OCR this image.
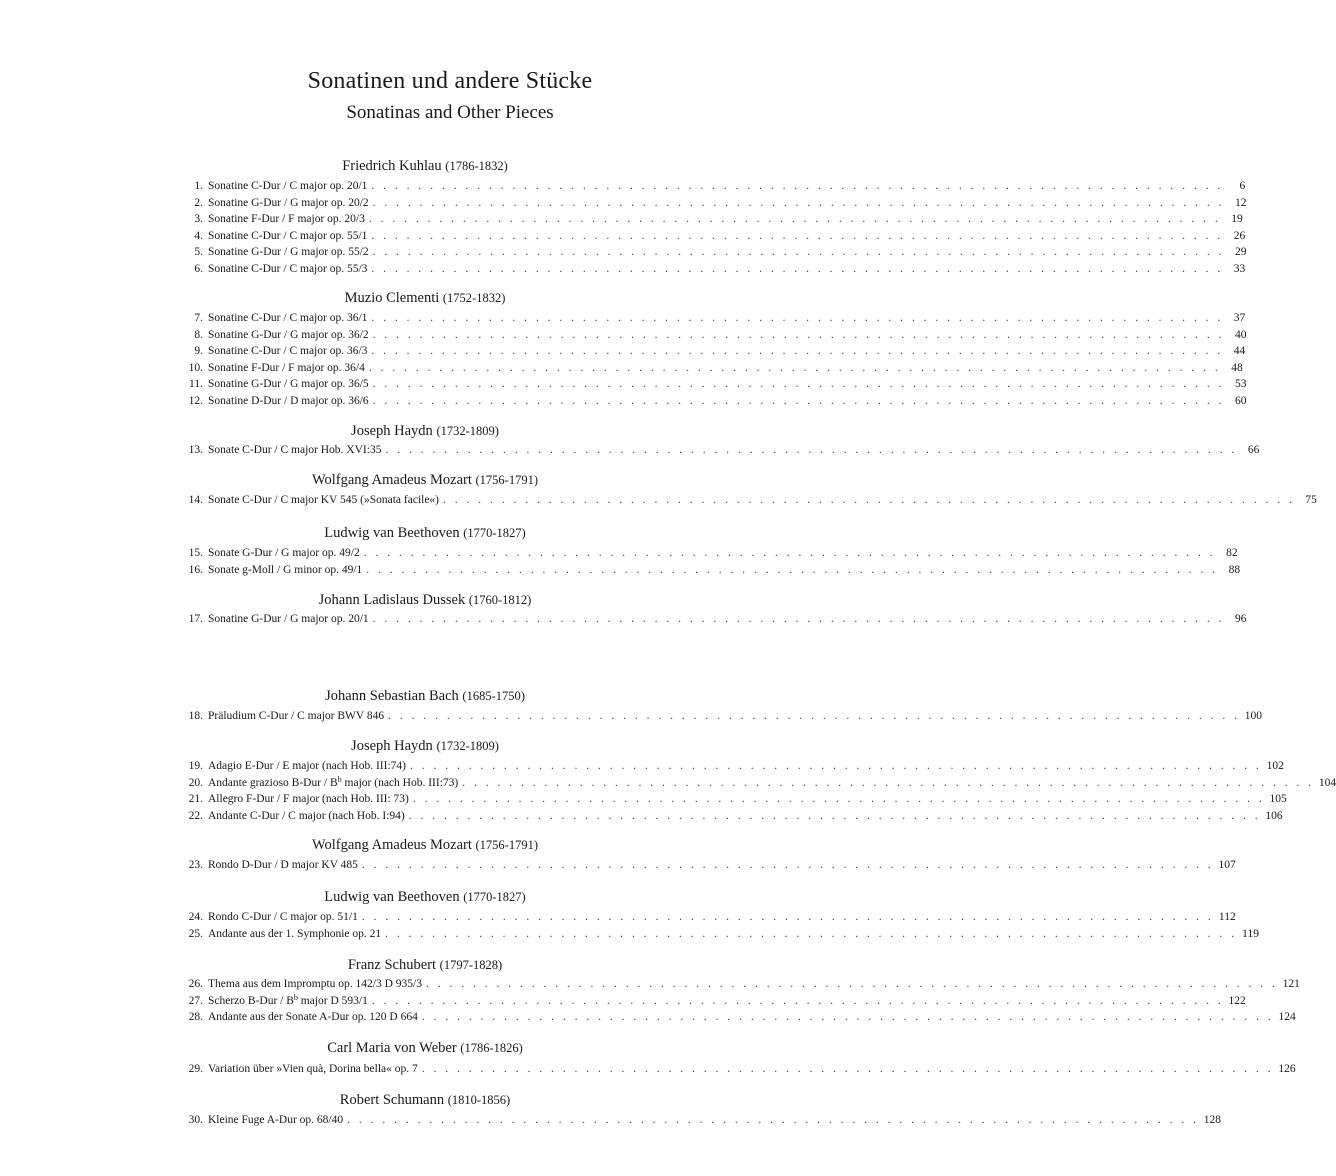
Sonatinen und andere Stücke
Sonatinas and Other Pieces
Friedrich Kuhlau (1786-1832)
1. Sonatine C-Dur / C major op. 20/1 . . . . . . . . . . . . . . . . . . . . . . . . . . . . . . . . . . . . . . . . . . . . . . . . . . . . . . . . . . . . . . . . . . . . . . . . .	6
2. Sonatine G-Dur / G major op. 20/2 . . . . . . . . . . . . . . . . . . . . . . . . . . . . . . . . . . . . . . . . . . . . . . . . . . . . . . . . . . . . . . . . . . . . . . . . . 12
3. Sonatine F-Dur / F major op. 20/3 . . . . . . . . . . . . . . . . . . . . . . . . . . . . . . . . . . . . . . . . . . . . . . . . . . . . . . . . . . . . . . . . . . . . . . . . . 19
4. Sonatine C-Dur / C major op. 55/1 . . . . . . . . . . . . . . . . . . . . . . . . . . . . . . . . . . . . . . . . . . . . . . . . . . . . . . . . . . . . . . . . . . . . . . . . . 26
5. Sonatine G-Dur / G major op. 55/2 . . . . . . . . . . . . . . . . . . . . . . . . . . . . . . . . . . . . . . . . . . . . . . . . . . . . . . . . . . . . . . . . . . . . . . . . . 29
6. Sonatine C-Dur / C major op. 55/3 . . . . . . . . . . . . . . . . . . . . . . . . . . . . . . . . . . . . . . . . . . . . . . . . . . . . . . . . . . . . . . . . . . . . . . . . . 33
Muzio Clementi (1752-1832)
7. Sonatine C-Dur / C major op. 36/1 . . . . . . . . . . . . . . . . . . . . . . . . . . . . . . . . . . . . . . . . . . . . . . . . . . . . . . . . . . . . . . . . . . . . . . . . . 37
8. Sonatine G-Dur / G major op. 36/2 . . . . . . . . . . . . . . . . . . . . . . . . . . . . . . . . . . . . . . . . . . . . . . . . . . . . . . . . . . . . . . . . . . . . . . . . . 40
9. Sonatine C-Dur / C major op. 36/3 . . . . . . . . . . . . . . . . . . . . . . . . . . . . . . . . . . . . . . . . . . . . . . . . . . . . . . . . . . . . . . . . . . . . . . . . . 44
10. Sonatine F-Dur / F major op. 36/4 . . . . . . . . . . . . . . . . . . . . . . . . . . . . . . . . . . . . . . . . . . . . . . . . . . . . . . . . . . . . . . . . . . . . . . . . . 48
11. Sonatine G-Dur / G major op. 36/5 . . . . . . . . . . . . . . . . . . . . . . . . . . . . . . . . . . . . . . . . . . . . . . . . . . . . . . . . . . . . . . . . . . . . . . . . . 53
12. Sonatine D-Dur / D major op. 36/6 . . . . . . . . . . . . . . . . . . . . . . . . . . . . . . . . . . . . . . . . . . . . . . . . . . . . . . . . . . . . . . . . . . . . . . . . . 60
Joseph Haydn (1732-1809)
13. Sonate C-Dur / C major Hob. XVI:35 . . . . . . . . . . . . . . . . . . . . . . . . . . . . . . . . . . . . . . . . . . . . . . . . . . . . . . . . . . . . . . . . . . . . . . . . . 66
Wolfgang Amadeus Mozart (1756-1791)
14. Sonate C-Dur / C major KV 545 (»Sonata facile«) . . . . . . . . . . . . . . . . . . . . . . . . . . . . . . . . . . . . . . . . . . . . . . . . . . . . . . . . . . . . . . . . . . . . . . . . . 75
Ludwig van Beethoven (1770-1827)
15. Sonate G-Dur / G major op. 49/2 . . . . . . . . . . . . . . . . . . . . . . . . . . . . . . . . . . . . . . . . . . . . . . . . . . . . . . . . . . . . . . . . . . . . . . . . . 82
16. Sonate g-Moll / G minor op. 49/1 . . . . . . . . . . . . . . . . . . . . . . . . . . . . . . . . . . . . . . . . . . . . . . . . . . . . . . . . . . . . . . . . . . . . . . . . . 88
Johann Ladislaus Dussek (1760-1812)
17. Sonatine G-Dur / G major op. 20/1 . . . . . . . . . . . . . . . . . . . . . . . . . . . . . . . . . . . . . . . . . . . . . . . . . . . . . . . . . . . . . . . . . . . . . . . . . 96
Johann Sebastian Bach (1685-1750)
18. Präludium C-Dur / C major BWV 846 . . . . . . . . . . . . . . . . . . . . . . . . . . . . . . . . . . . . . . . . . . . . . . . . . . . . . . . . . . . . . . . . . . . . . . . . . 100
Joseph Haydn (1732-1809)
19. Adagio E-Dur / E major (nach Hob. III:74) . . . . . . . . . . . . . . . . . . . . . . . . . . . . . . . . . . . . . . . . . . . . . . . . . . . . . . . . . . . . . . . . . . . . . . . . . 102
20. Andante grazioso $B-Dur / B^b$ major (nach Hob. III:73) . . . . . . . . . . . . . . . . . . . . . . . . . . . . . . . . . . . . . . . . . . . . . . . . . . . . . . . . . . . . . . . . . . . . . . . . . 104
21. Allegro F-Dur / F major (nach Hob. III: 73) . . . . . . . . . . . . . . . . . . . . . . . . . . . . . . . . . . . . . . . . . . . . . . . . . . . . . . . . . . . . . . . . . . . . . . . . . 105
22. Andante C-Dur / C major (nach Hob. I:94) . . . . . . . . . . . . . . . . . . . . . . . . . . . . . . . . . . . . . . . . . . . . . . . . . . . . . . . . . . . . . . . . . . . . . . . . . 106
Wolfgang Amadeus Mozart (1756-1791)
23. Rondo D-Dur / D major KV 485 . . . . . . . . . . . . . . . . . . . . . . . . . . . . . . . . . . . . . . . . . . . . . . . . . . . . . . . . . . . . . . . . . . . . . . . . . 107
Ludwig van Beethoven (1770-1827)
24. Rondo C-Dur / C major op. 51/1 . . . . . . . . . . . . . . . . . . . . . . . . . . . . . . . . . . . . . . . . . . . . . . . . . . . . . . . . . . . . . . . . . . . . . . . . . 112
25. Andante aus der 1. Symphonie op. 21 . . . . . . . . . . . . . . . . . . . . . . . . . . . . . . . . . . . . . . . . . . . . . . . . . . . . . . . . . . . . . . . . . . . . . . . . . 119
Franz Schubert (1797-1828)
26. Thema aus dem Impromptu op. 142/3 D 935/3 . . . . . . . . . . . . . . . . . . . . . . . . . . . . . . . . . . . . . . . . . . . . . . . . . . . . . . . . . . . . . . . . . . . . . . . . . 121
27. Scherzo $B-Dur / B^b$ major D 593/1 . . . . . . . . . . . . . . . . . . . . . . . . . . . . . . . . . . . . . . . . . . . . . . . . . . . . . . . . . . . . . . . . . . . . . . . . . 122
28. Andante aus der Sonate A-Dur op. 120 D 664 . . . . . . . . . . . . . . . . . . . . . . . . . . . . . . . . . . . . . . . . . . . . . . . . . . . . . . . . . . . . . . . . . . . . . . . . . 124
Carl Maria von Weber (1786-1826)
29. Variation über »Vien quà, Dorina bella« op. 7 . . . . . . . . . . . . . . . . . . . . . . . . . . . . . . . . . . . . . . . . . . . . . . . . . . . . . . . . . . . . . . . . . . . . . . . . . 126
Robert Schumann (1810-1856)
30. Kleine Fuge A-Dur op. 68/40 . . . . . . . . . . . . . . . . . . . . . . . . . . . . . . . . . . . . . . . . . . . . . . . . . . . . . . . . . . . . . . . . . . . . . . . . . 128
